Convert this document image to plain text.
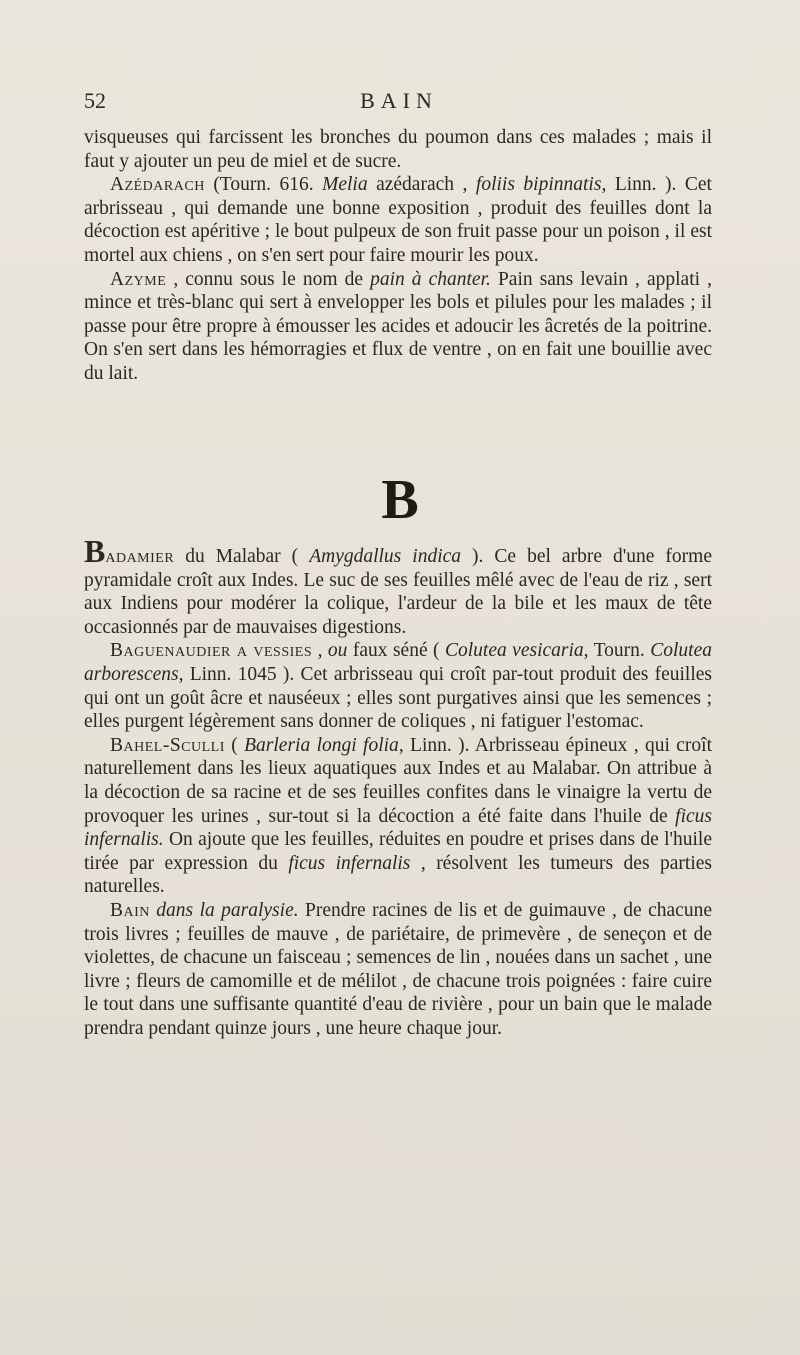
52	BAIN

visqueuses qui farcissent les bronches du poumon dans ces malades ; mais il faut y ajouter un peu de miel et de sucre.

Azédarach (Tourn. 616. Melia azédarach , foliis bipinnatis, Linn. ). Cet arbrisseau , qui demande une bonne exposition , produit des feuilles dont la décoction est apéritive ; le bout pulpeux de son fruit passe pour un poison , il est mortel aux chiens , on s'en sert pour faire mourir les poux.

Azyme , connu sous le nom de pain à chanter. Pain sans levain , applati , mince et très-blanc qui sert à envelopper les bols et pilules pour les malades ; il passe pour être propre à émousser les acides et adoucir les âcretés de la poitrine. On s'en sert dans les hémorragies et flux de ventre , on en fait une bouillie avec du lait.

B

Badamier du Malabar ( Amygdallus indica ). Ce bel arbre d'une forme pyramidale croît aux Indes. Le suc de ses feuilles mêlé avec de l'eau de riz , sert aux Indiens pour modérer la colique, l'ardeur de la bile et les maux de tête occasionnés par de mauvaises digestions.

Baguenaudier a vessies , ou faux séné ( Colutea vesicaria, Tourn. Colutea arborescens, Linn. 1045 ). Cet arbrisseau qui croît par-tout produit des feuilles qui ont un goût âcre et nauséeux ; elles sont purgatives ainsi que les semences ; elles purgent légèrement sans donner de coliques , ni fatiguer l'estomac.

Bahel-Sculli ( Barleria longi folia, Linn. ). Arbrisseau épineux , qui croît naturellement dans les lieux aquatiques aux Indes et au Malabar. On attribue à la décoction de sa racine et de ses feuilles confites dans le vinaigre la vertu de provoquer les urines , sur-tout si la décoction a été faite dans l'huile de ficus infernalis. On ajoute que les feuilles, réduites en poudre et prises dans de l'huile tirée par expression du ficus infernalis , résolvent les tumeurs des parties naturelles.

Bain dans la paralysie. Prendre racines de lis et de guimauve , de chacune trois livres ; feuilles de mauve , de pariétaire, de primevère , de seneçon et de violettes, de chacune un faisceau ; semences de lin , nouées dans un sachet , une livre ; fleurs de camomille et de mélilot , de chacune trois poignées : faire cuire le tout dans une suffisante quantité d'eau de rivière , pour un bain que le malade prendra pendant quinze jours , une heure chaque jour.
